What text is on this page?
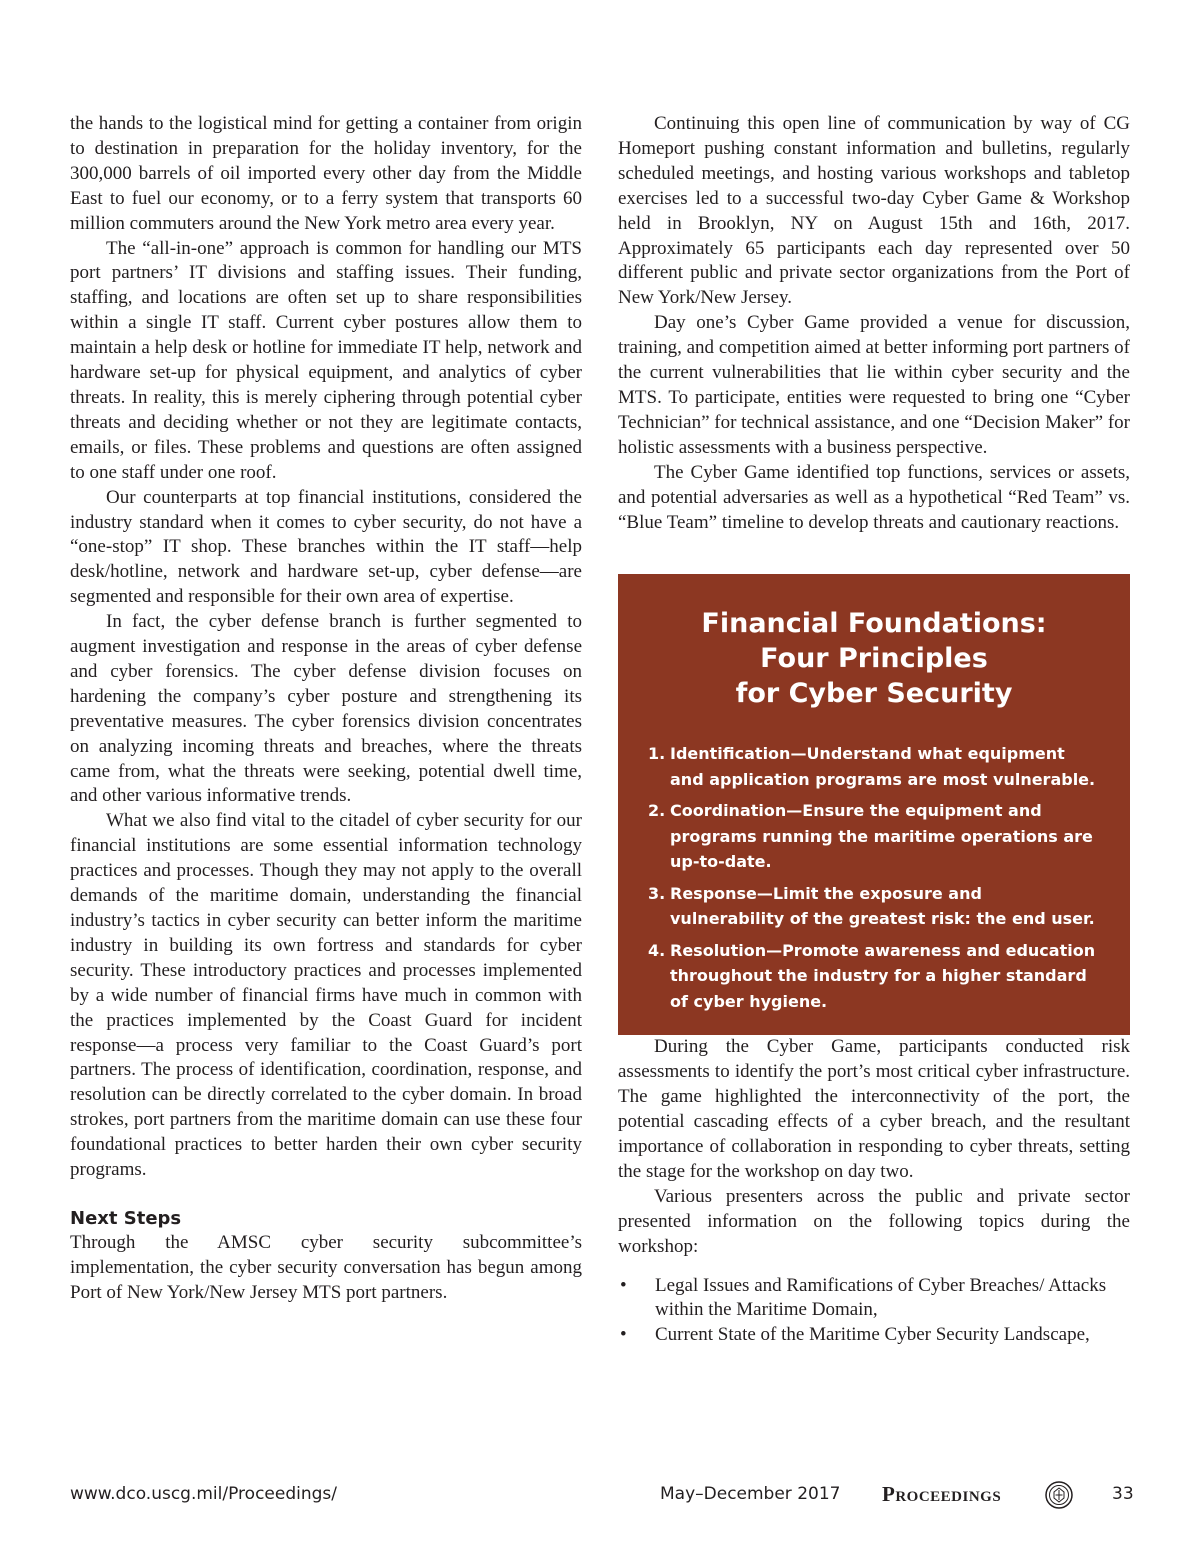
the hands to the logistical mind for getting a container from origin to destination in preparation for the holiday inventory, for the 300,000 barrels of oil imported every other day from the Middle East to fuel our economy, or to a ferry system that transports 60 million commuters around the New York metro area every year.

The “all-in-one” approach is common for handling our MTS port partners’ IT divisions and staffing issues. Their funding, staffing, and locations are often set up to share responsibilities within a single IT staff. Current cyber postures allow them to maintain a help desk or hotline for immediate IT help, network and hardware set-up for physical equipment, and analytics of cyber threats. In reality, this is merely ciphering through potential cyber threats and deciding whether or not they are legitimate contacts, emails, or files. These problems and questions are often assigned to one staff under one roof.

Our counterparts at top financial institutions, considered the industry standard when it comes to cyber security, do not have a “one-stop” IT shop. These branches within the IT staff—help desk/hotline, network and hardware set-up, cyber defense—are segmented and responsible for their own area of expertise.

In fact, the cyber defense branch is further segmented to augment investigation and response in the areas of cyber defense and cyber forensics. The cyber defense division focuses on hardening the company’s cyber posture and strengthening its preventative measures. The cyber forensics division concentrates on analyzing incoming threats and breaches, where the threats came from, what the threats were seeking, potential dwell time, and other various informative trends.

What we also find vital to the citadel of cyber security for our financial institutions are some essential information technology practices and processes. Though they may not apply to the overall demands of the maritime domain, understanding the financial industry’s tactics in cyber security can better inform the maritime industry in building its own fortress and standards for cyber security. These introductory practices and processes implemented by a wide number of financial firms have much in common with the practices implemented by the Coast Guard for incident response—a process very familiar to the Coast Guard’s port partners. The process of identification, coordination, response, and resolution can be directly correlated to the cyber domain. In broad strokes, port partners from the maritime domain can use these four foundational practices to better harden their own cyber security programs.

Next Steps

Through the AMSC cyber security subcommittee’s implementation, the cyber security conversation has begun among Port of New York/New Jersey MTS port partners.

Continuing this open line of communication by way of CG Homeport pushing constant information and bulletins, regularly scheduled meetings, and hosting various workshops and tabletop exercises led to a successful two-day Cyber Game & Workshop held in Brooklyn, NY on August 15th and 16th, 2017. Approximately 65 participants each day represented over 50 different public and private sector organizations from the Port of New York/New Jersey.

Day one’s Cyber Game provided a venue for discussion, training, and competition aimed at better informing port partners of the current vulnerabilities that lie within cyber security and the MTS. To participate, entities were requested to bring one “Cyber Technician” for technical assistance, and one “Decision Maker” for holistic assessments with a business perspective.

The Cyber Game identified top functions, services or assets, and potential adversaries as well as a hypothetical “Red Team” vs. “Blue Team” timeline to develop threats and cautionary reactions.

Financial Foundations:
Four Principles
for Cyber Security
1. Identification—Understand what equipment and application programs are most vulnerable.
2. Coordination—Ensure the equipment and programs running the maritime operations are up-to-date.
3. Response—Limit the exposure and vulnerability of the greatest risk: the end user.
4. Resolution—Promote awareness and education throughout the industry for a higher standard of cyber hygiene.

During the Cyber Game, participants conducted risk assessments to identify the port’s most critical cyber infrastructure. The game highlighted the interconnectivity of the port, the potential cascading effects of a cyber breach, and the resultant importance of collaboration in responding to cyber threats, setting the stage for the workshop on day two.

Various presenters across the public and private sector presented information on the following topics during the workshop:

•	Legal Issues and Ramifications of Cyber Breaches/ Attacks within the Maritime Domain,
•	Current State of the Maritime Cyber Security Landscape,
www.dco.uscg.mil/Proceedings/	May–December 2017 Proceedings	33
